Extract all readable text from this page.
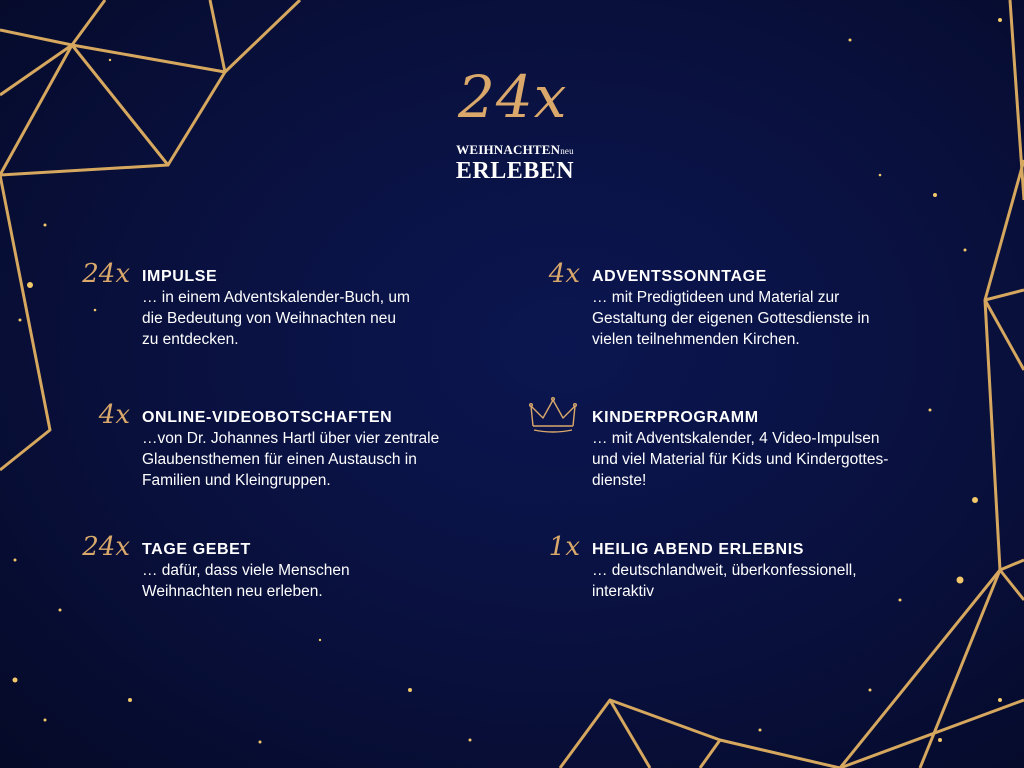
24x
WEIHNACHTENneu
ERLEBEN
24x IMPULSE
… in einem Adventskalender-Buch, um
die Bedeutung von Weihnachten neu
zu entdecken.
4x ONLINE-VIDEOBOTSCHAFTEN
…von Dr. Johannes Hartl über vier zentrale
Glaubensthemen für einen Austausch in
Familien und Kleingruppen.
24x TAGE GEBET
… dafür, dass viele Menschen
Weihnachten neu erleben.
4x ADVENTSSONNTAGE
… mit Predigtideen und Material zur
Gestaltung der eigenen Gottesdienste in
vielen teilnehmenden Kirchen.
KINDERPROGRAMM
… mit Adventskalender, 4 Video-Impulsen
und viel Material für Kids und Kindergottes-
dienste!
1x HEILIG ABEND ERLEBNIS
… deutschlandweit, überkonfessionell,
interaktiv
